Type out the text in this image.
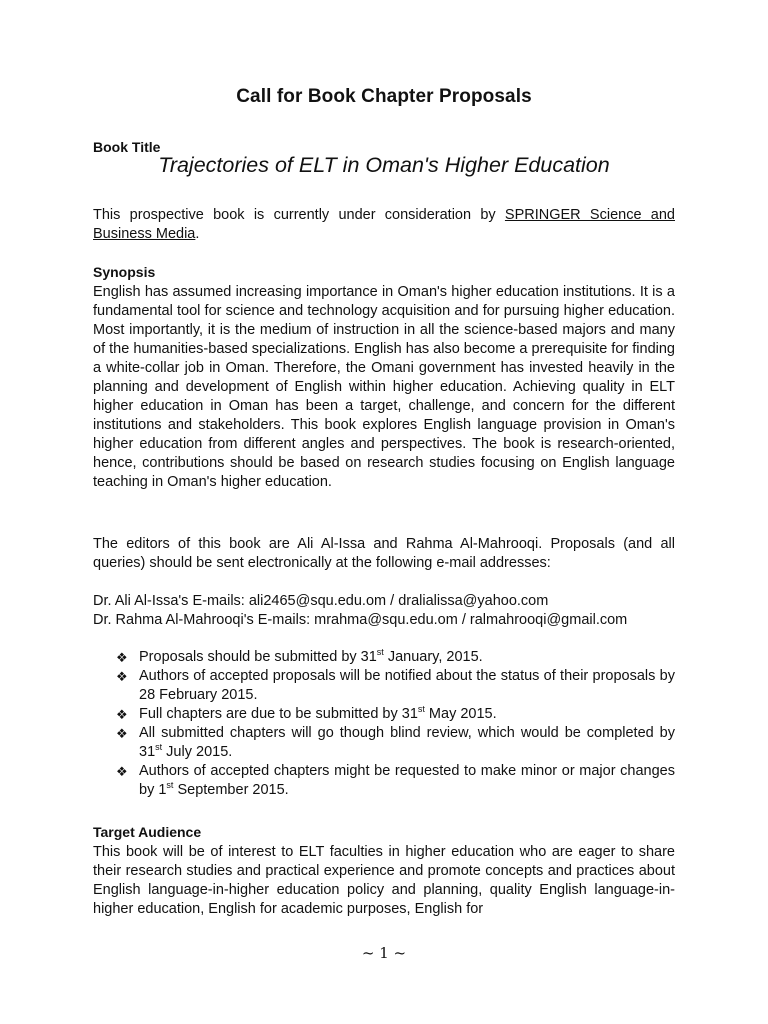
Call for Book Chapter Proposals
Book Title
Trajectories of ELT in Oman's Higher Education
This prospective book is currently under consideration by SPRINGER Science and Business Media.
Synopsis
English has assumed increasing importance in Oman's higher education institutions. It is a fundamental tool for science and technology acquisition and for pursuing higher education. Most importantly, it is the medium of instruction in all the science-based majors and many of the humanities-based specializations. English has also become a prerequisite for finding a white-collar job in Oman. Therefore, the Omani government has invested heavily in the planning and development of English within higher education. Achieving quality in ELT higher education in Oman has been a target, challenge, and concern for the different institutions and stakeholders. This book explores English language provision in Oman's higher education from different angles and perspectives. The book is research-oriented, hence, contributions should be based on research studies focusing on English language teaching in Oman's higher education.
The editors of this book are Ali Al-Issa and Rahma Al-Mahrooqi. Proposals (and all queries) should be sent electronically at the following e-mail addresses:
Dr. Ali Al-Issa's E-mails: ali2465@squ.edu.om / dralialissa@yahoo.com
Dr. Rahma Al-Mahrooqi's E-mails: mrahma@squ.edu.om / ralmahrooqi@gmail.com
❖ Proposals should be submitted by 31st January, 2015.
❖ Authors of accepted proposals will be notified about the status of their proposals by 28 February 2015.
❖ Full chapters are due to be submitted by 31st May 2015.
❖ All submitted chapters will go though blind review, which would be completed by 31st July 2015.
❖ Authors of accepted chapters might be requested to make minor or major changes by 1st September 2015.
Target Audience
This book will be of interest to ELT faculties in higher education who are eager to share their research studies and practical experience and promote concepts and practices about English language-in-higher education policy and planning, quality English language-in-higher education, English for academic purposes, English for
~ 1 ~
